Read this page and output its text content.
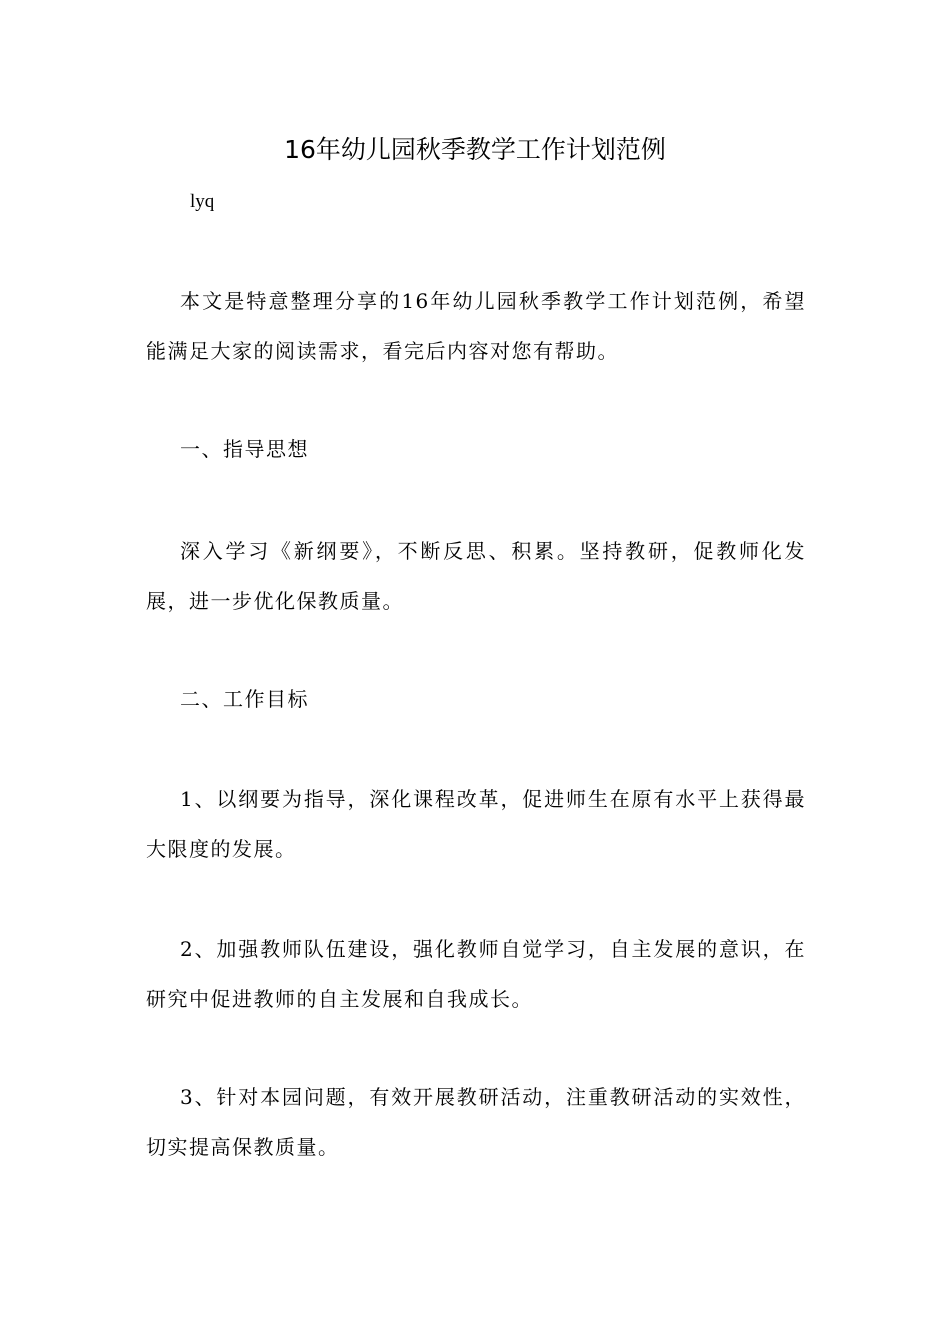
16年幼儿园秋季教学工作计划范例

lyq

本文是特意整理分享的16年幼儿园秋季教学工作计划范例，希望能满足大家的阅读需求，看完后内容对您有帮助。

一、指导思想

深入学习《新纲要》，不断反思、积累。坚持教研，促教师化发展，进一步优化保教质量。

二、工作目标

1、以纲要为指导，深化课程改革，促进师生在原有水平上获得最大限度的发展。

2、加强教师队伍建设，强化教师自觉学习，自主发展的意识，在研究中促进教师的自主发展和自我成长。

3、针对本园问题，有效开展教研活动，注重教研活动的实效性，切实提高保教质量。
